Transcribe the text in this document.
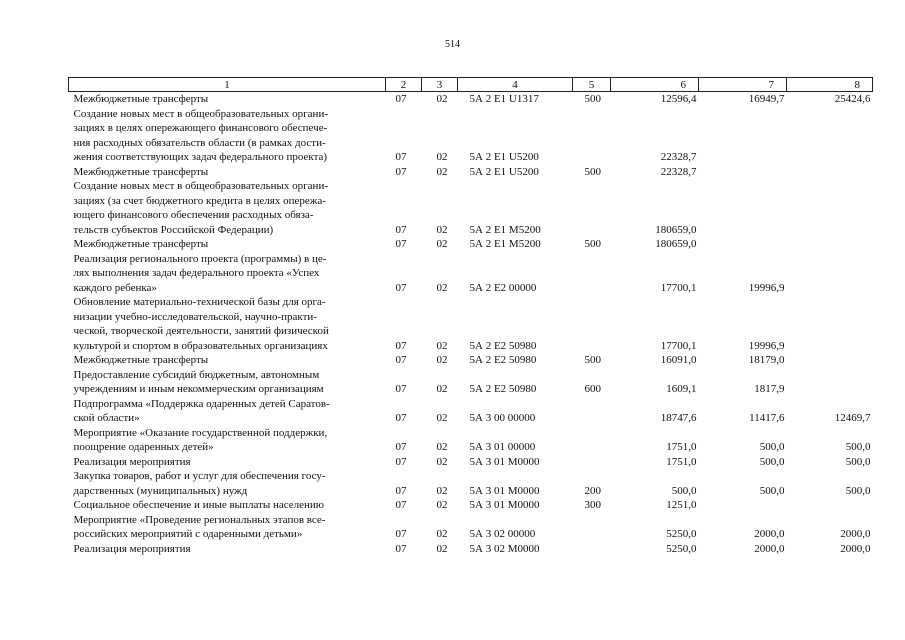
514
1	2	3	4	5	6	7	8

Межбюджетные трансферты	07	02	5А 2 Е1 U1317	500	12596,4	16949,7	25424,6

Создание новых мест в общеобразовательных органи-
зациях в целях опережающего финансового обеспече-
ния расходных обязательств области (в рамках дости-
жения соответствующих задач федерального проекта)	07	02	5А 2 Е1 U5200		22328,7		

Межбюджетные трансферты	07	02	5А 2 Е1 U5200	500	22328,7		

Создание новых мест в общеобразовательных органи-
зациях (за счет бюджетного кредита в целях опережа-
ющего финансового обеспечения расходных обяза-
тельств субъектов Российской Федерации)	07	02	5А 2 Е1 М5200		180659,0		

Межбюджетные трансферты	07	02	5А 2 Е1 М5200	500	180659,0		

Реализация регионального проекта (программы) в це-
лях выполнения задач федерального проекта «Успех
каждого ребенка»	07	02	5А 2 Е2 00000		17700,1	19996,9	

Обновление материально-технической базы для орга-
низации учебно-исследовательской, научно-практи-
ческой, творческой деятельности, занятий физической
культурой и спортом в образовательных организациях	07	02	5А 2 Е2 50980		17700,1	19996,9	

Межбюджетные трансферты	07	02	5А 2 Е2 50980	500	16091,0	18179,0	

Предоставление субсидий бюджетным, автономным
учреждениям и иным некоммерческим организациям	07	02	5А 2 Е2 50980	600	1609,1	1817,9	

Подпрограмма «Поддержка одаренных детей Саратов-
ской области»	07	02	5А 3 00 00000		18747,6	11417,6	12469,7

Мероприятие «Оказание государственной поддержки,
поощрение одаренных детей»	07	02	5А 3 01 00000		1751,0	500,0	500,0

Реализация мероприятия	07	02	5А 3 01 М0000		1751,0	500,0	500,0

Закупка товаров, работ и услуг для обеспечения госу-
дарственных (муниципальных) нужд	07	02	5А 3 01 М0000	200	500,0	500,0	500,0

Социальное обеспечение и иные выплаты населению	07	02	5А 3 01 М0000	300	1251,0		

Мероприятие «Проведение региональных этапов все-
российских мероприятий с одаренными детьми»	07	02	5А 3 02 00000		5250,0	2000,0	2000,0

Реализация мероприятия	07	02	5А 3 02 М0000		5250,0	2000,0	2000,0
